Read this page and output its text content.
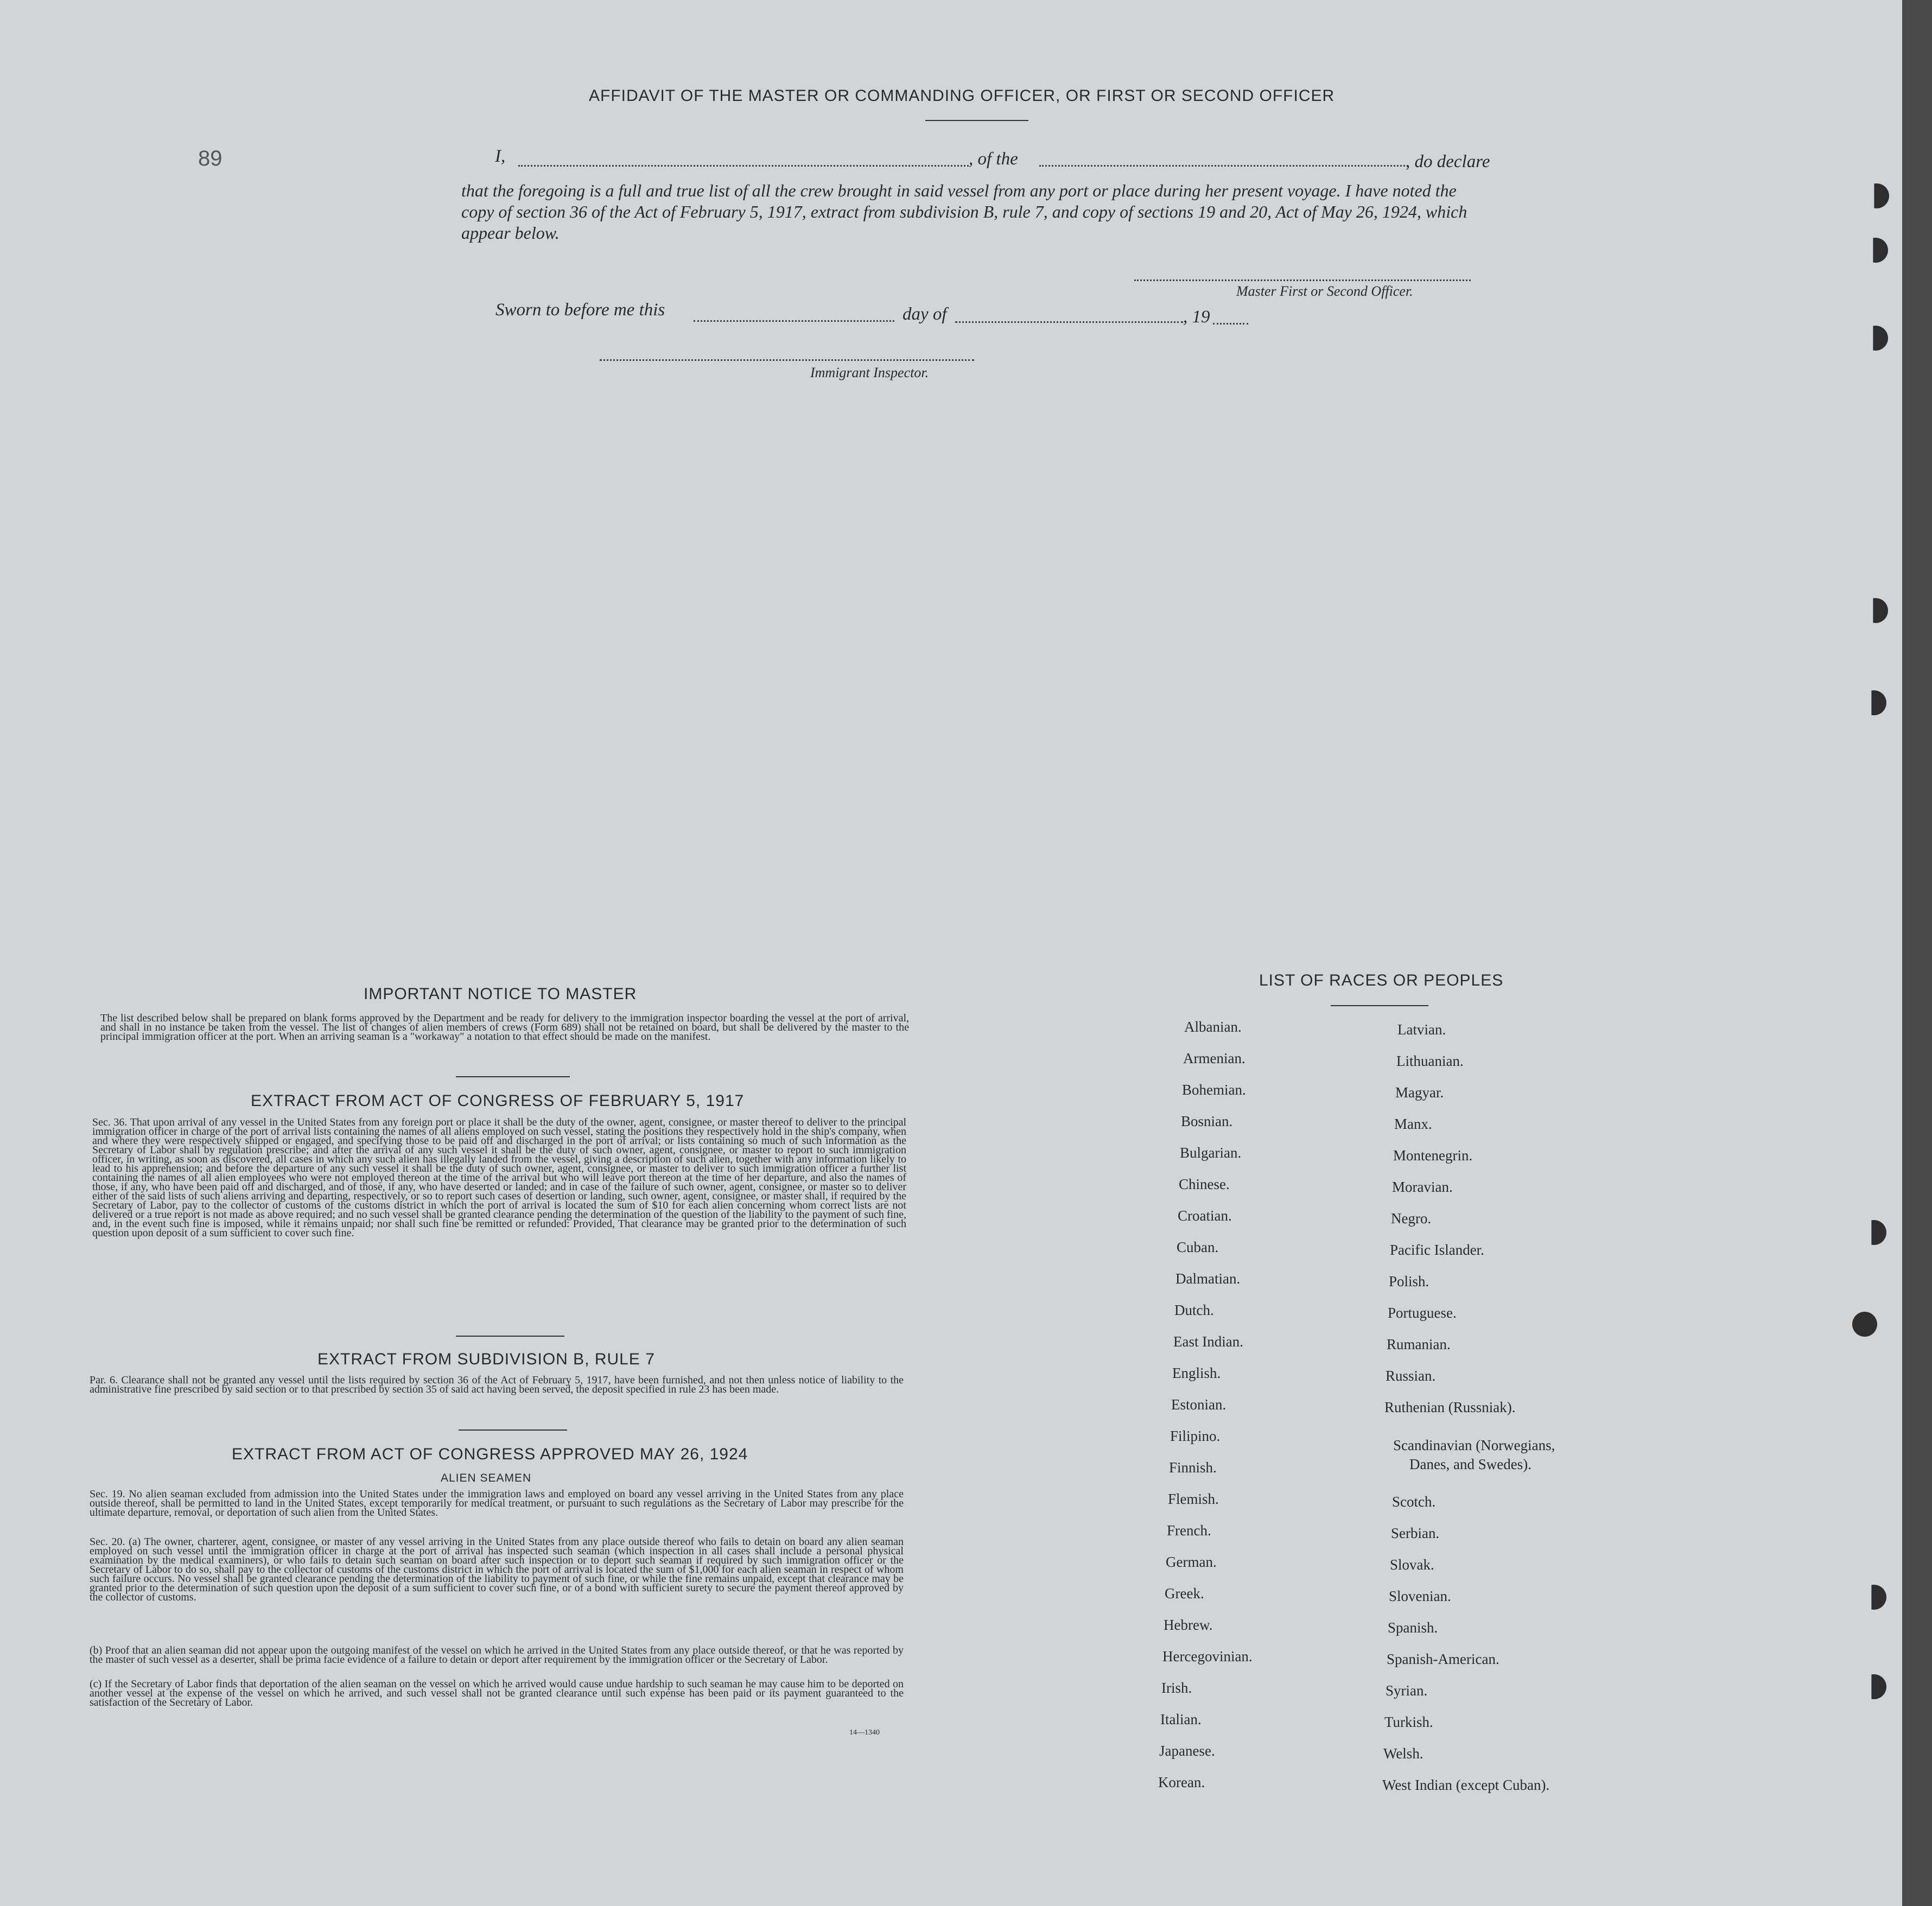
89
AFFIDAVIT OF THE MASTER OR COMMANDING OFFICER, OR FIRST OR SECOND OFFICER
I,	, of the	, do declare
that the foregoing is a full and true list of all the crew brought in said vessel from any port or place during her present voyage. I have noted the copy of section 36 of the Act of February 5, 1917, extract from subdivision B, rule 7, and copy of sections 19 and 20, Act of May 26, 1924, which appear below.
Master First or Second Officer.
Sworn to before me this	day of	, 19
Immigrant Inspector.
IMPORTANT NOTICE TO MASTER
The list described below shall be prepared on blank forms approved by the Department and be ready for delivery to the immigration inspector boarding the vessel at the port of arrival, and shall in no instance be taken from the vessel. The list of changes of alien members of crews (Form 689) shall not be retained on board, but shall be delivered by the master to the principal immigration officer at the port. When an arriving seaman is a "workaway" a notation to that effect should be made on the manifest.
EXTRACT FROM ACT OF CONGRESS OF FEBRUARY 5, 1917
Sec. 36. That upon arrival of any vessel in the United States from any foreign port or place it shall be the duty of the owner, agent, consignee, or master thereof to deliver to the principal immigration officer in charge of the port of arrival lists containing the names of all aliens employed on such vessel, stating the positions they respectively hold in the ship's company, when and where they were respectively shipped or engaged, and specifying those to be paid off and discharged in the port of arrival; or lists containing so much of such information as the Secretary of Labor shall by regulation prescribe; and after the arrival of any such vessel it shall be the duty of such owner, agent, consignee, or master to report to such immigration officer, in writing, as soon as discovered, all cases in which any such alien has illegally landed from the vessel, giving a description of such alien, together with any information likely to lead to his apprehension; and before the departure of any such vessel it shall be the duty of such owner, agent, consignee, or master to deliver to such immigration officer a further list containing the names of all alien employees who were not employed thereon at the time of the arrival but who will leave port thereon at the time of her departure, and also the names of those, if any, who have been paid off and discharged, and of those, if any, who have deserted or landed; and in case of the failure of such owner, agent, consignee, or master so to deliver either of the said lists of such aliens arriving and departing, respectively, or so to report such cases of desertion or landing, such owner, agent, consignee, or master shall, if required by the Secretary of Labor, pay to the collector of customs of the customs district in which the port of arrival is located the sum of $10 for each alien concerning whom correct lists are not delivered or a true report is not made as above required; and no such vessel shall be granted clearance pending the determination of the question of the liability to the payment of such fine, and, in the event such fine is imposed, while it remains unpaid; nor shall such fine be remitted or refunded: Provided, That clearance may be granted prior to the determination of such question upon deposit of a sum sufficient to cover such fine.
EXTRACT FROM SUBDIVISION B, RULE 7
Par. 6. Clearance shall not be granted any vessel until the lists required by section 36 of the Act of February 5, 1917, have been furnished, and not then unless notice of liability to the administrative fine prescribed by said section or to that prescribed by section 35 of said act having been served, the deposit specified in rule 23 has been made.
EXTRACT FROM ACT OF CONGRESS APPROVED MAY 26, 1924
ALIEN SEAMEN
Sec. 19. No alien seaman excluded from admission into the United States under the immigration laws and employed on board any vessel arriving in the United States from any place outside thereof, shall be permitted to land in the United States, except temporarily for medical treatment, or pursuant to such regulations as the Secretary of Labor may prescribe for the ultimate departure, removal, or deportation of such alien from the United States.
Sec. 20. (a) The owner, charterer, agent, consignee, or master of any vessel arriving in the United States from any place outside thereof who fails to detain on board any alien seaman employed on such vessel until the immigration officer in charge at the port of arrival has inspected such seaman (which inspection in all cases shall include a personal physical examination by the medical examiners), or who fails to detain such seaman on board after such inspection or to deport such seaman if required by such immigration officer or the Secretary of Labor to do so, shall pay to the collector of customs of the customs district in which the port of arrival is located the sum of $1,000 for each alien seaman in respect of whom such failure occurs. No vessel shall be granted clearance pending the determination of the liability to payment of such fine, or while the fine remains unpaid, except that clearance may be granted prior to the determination of such question upon the deposit of a sum sufficient to cover such fine, or of a bond with sufficient surety to secure the payment thereof approved by the collector of customs.
(b) Proof that an alien seaman did not appear upon the outgoing manifest of the vessel on which he arrived in the United States from any place outside thereof, or that he was reported by the master of such vessel as a deserter, shall be prima facie evidence of a failure to detain or deport after requirement by the immigration officer or the Secretary of Labor.
(c) If the Secretary of Labor finds that deportation of the alien seaman on the vessel on which he arrived would cause undue hardship to such seaman he may cause him to be deported on another vessel at the expense of the vessel on which he arrived, and such vessel shall not be granted clearance until such expense has been paid or its payment guaranteed to the satisfaction of the Secretary of Labor.
14—1340
LIST OF RACES OR PEOPLES
Albanian.
Armenian.
Bohemian.
Bosnian.
Bulgarian.
Chinese.
Croatian.
Cuban.
Dalmatian.
Dutch.
East Indian.
English.
Estonian.
Filipino.
Finnish.
Flemish.
French.
German.
Greek.
Hebrew.
Hercegovinian.
Irish.
Italian.
Japanese.
Korean.
Latvian.
Lithuanian.
Magyar.
Manx.
Montenegrin.
Moravian.
Negro.
Pacific Islander.
Polish.
Portuguese.
Rumanian.
Russian.
Ruthenian (Russniak).
Scandinavian (Norwegians,
Danes, and Swedes).
Scotch.
Serbian.
Slovak.
Slovenian.
Spanish.
Spanish-American.
Syrian.
Turkish.
Welsh.
West Indian (except Cuban).
